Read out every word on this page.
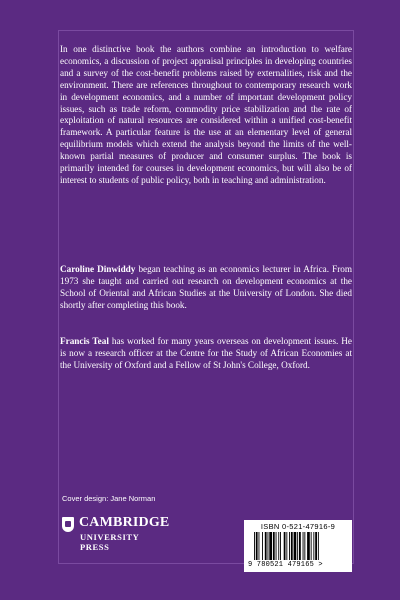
In one distinctive book the authors combine an introduction to welfare economics, a discussion of project appraisal principles in developing countries and a survey of the cost-benefit problems raised by externalities, risk and the environment. There are references throughout to contemporary research work in development economics, and a number of important development policy issues, such as trade reform, commodity price stabilization and the rate of exploitation of natural resources are considered within a unified cost-benefit framework. A particular feature is the use at an elementary level of general equilibrium models which extend the analysis beyond the limits of the well-known partial measures of producer and consumer surplus. The book is primarily intended for courses in development economics, but will also be of interest to students of public policy, both in teaching and administration.

Caroline Dinwiddy began teaching as an economics lecturer in Africa. From 1973 she taught and carried out research on development economics at the School of Oriental and African Studies at the University of London. She died shortly after completing this book.

Francis Teal has worked for many years overseas on development issues. He is now a research officer at the Centre for the Study of African Economies at the University of Oxford and a Fellow of St John's College, Oxford.

Cover design: Jane Norman
CAMBRIDGE
UNIVERSITY PRESS
ISBN 0-521-47916-9
9 780521 479165 >
